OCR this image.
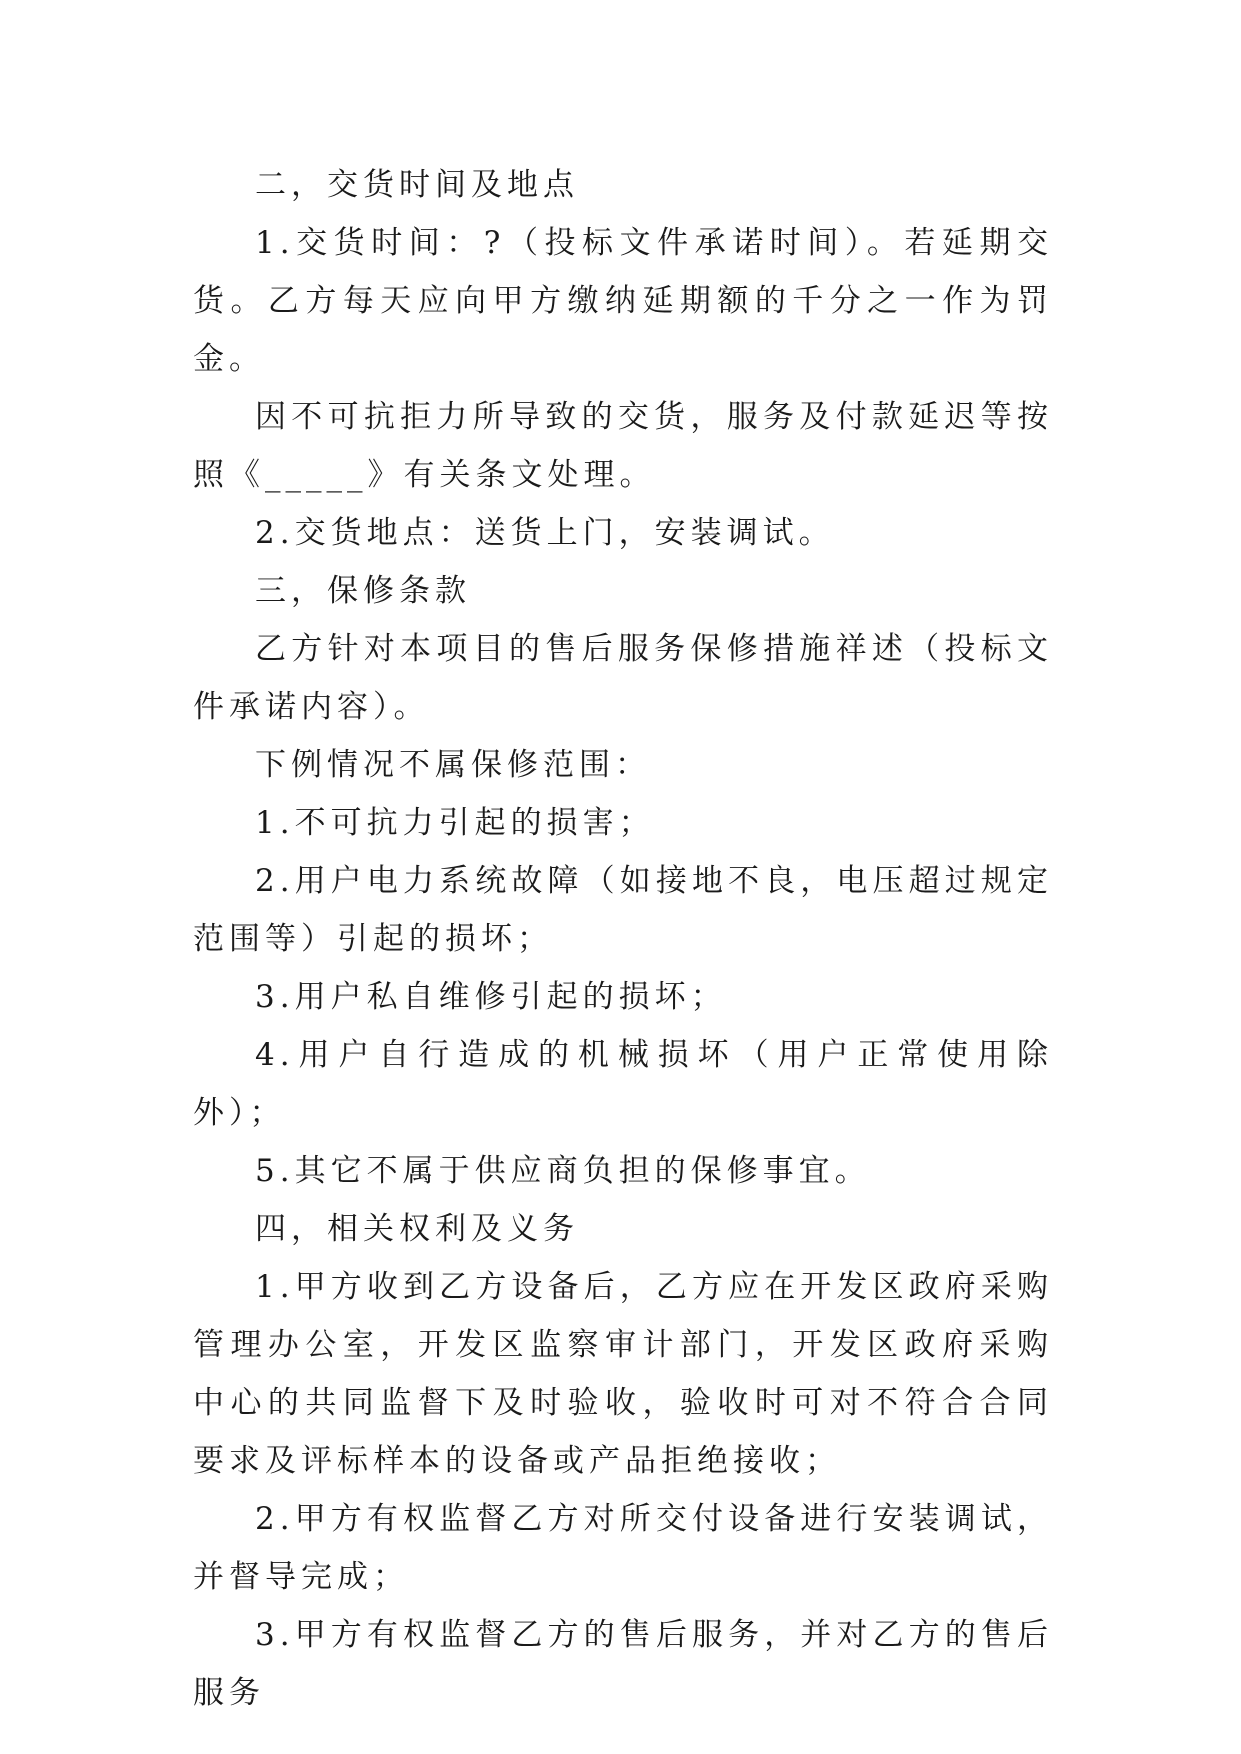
二，交货时间及地点

1.交货时间：?（投标文件承诺时间）。若延期交货。乙方每天应向甲方缴纳延期额的千分之一作为罚金。

因不可抗拒力所导致的交货，服务及付款延迟等按照《_____》有关条文处理。

2.交货地点：送货上门，安装调试。

三，保修条款

乙方针对本项目的售后服务保修措施祥述（投标文件承诺内容）。

下例情况不属保修范围：

1.不可抗力引起的损害；

2.用户电力系统故障（如接地不良，电压超过规定范围等）引起的损坏；

3.用户私自维修引起的损坏；

4.用户自行造成的机械损坏（用户正常使用除外）；

5.其它不属于供应商负担的保修事宜。

四，相关权利及义务

1.甲方收到乙方设备后，乙方应在开发区政府采购管理办公室，开发区监察审计部门，开发区政府采购中心的共同监督下及时验收，验收时可对不符合合同要求及评标样本的设备或产品拒绝接收；

2.甲方有权监督乙方对所交付设备进行安装调试，并督导完成；

3.甲方有权监督乙方的售后服务，并对乙方的售后服务
